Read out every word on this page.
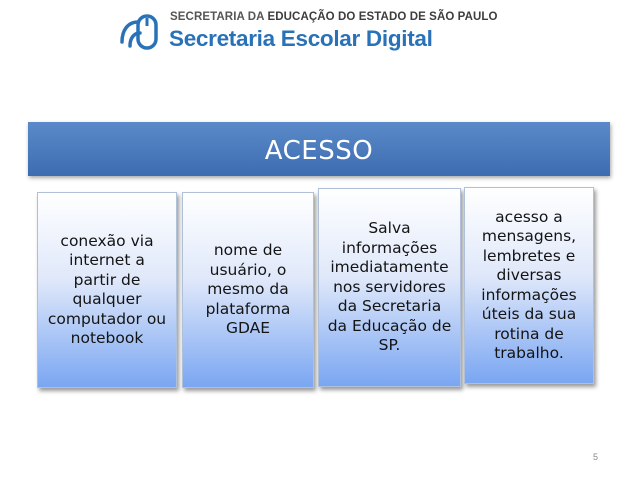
SECRETARIA DA EDUCAÇÃO DO ESTADO DE SÃO PAULO
Secretaria Escolar Digital
ACESSO
conexão via
internet a
partir de
qualquer
computador ou
notebook
nome de
usuário, o
mesmo da
plataforma
GDAE
Salva
informações
imediatamente
nos servidores
da Secretaria
da Educação de
SP.
acesso a
mensagens,
lembretes e
diversas
informações
úteis da sua
rotina de
trabalho.
5
